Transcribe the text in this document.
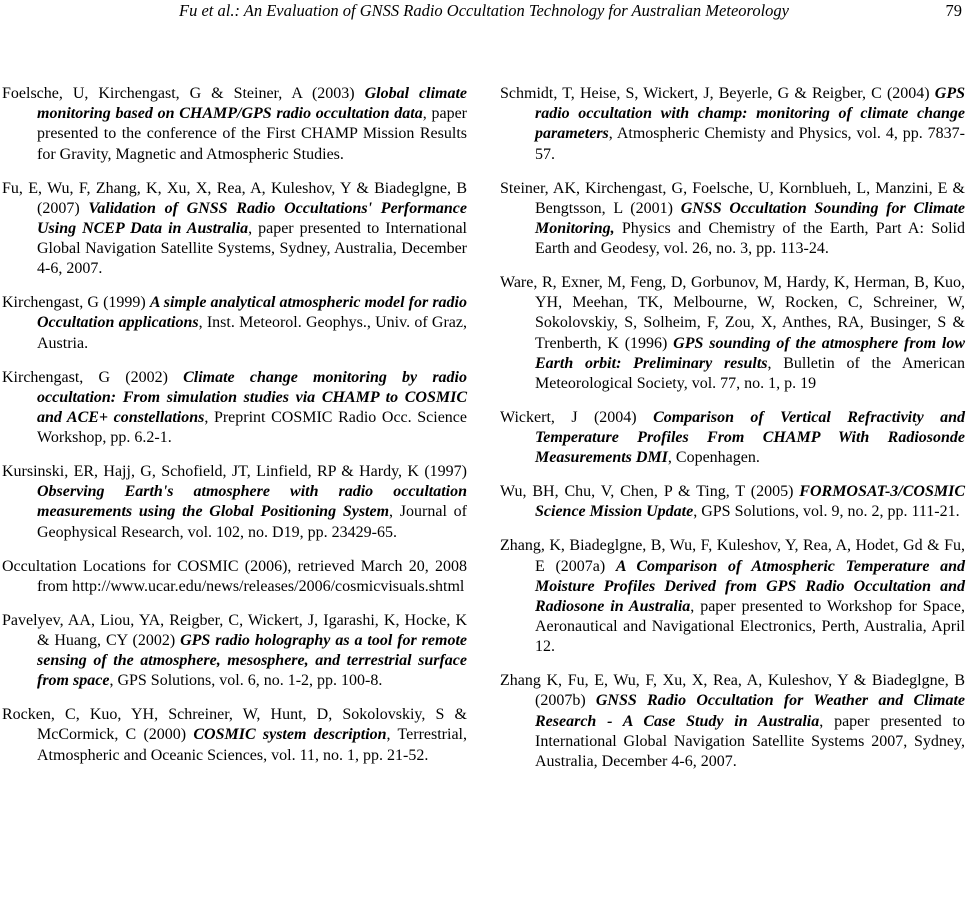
Fu et al.: An Evaluation of GNSS Radio Occultation Technology for Australian Meteorology	79

Foelsche, U, Kirchengast, G & Steiner, A (2003) Global climate monitoring based on CHAMP/GPS radio occultation data, paper presented to the conference of the First CHAMP Mission Results for Gravity, Magnetic and Atmospheric Studies.

Fu, E, Wu, F, Zhang, K, Xu, X, Rea, A, Kuleshov, Y & Biadeglgne, B (2007) Validation of GNSS Radio Occultations' Performance Using NCEP Data in Australia, paper presented to International Global Navigation Satellite Systems, Sydney, Australia, December 4-6, 2007.

Kirchengast, G (1999) A simple analytical atmospheric model for radio Occultation applications, Inst. Meteorol. Geophys., Univ. of Graz, Austria.

Kirchengast, G (2002) Climate change monitoring by radio occultation: From simulation studies via CHAMP to COSMIC and ACE+ constellations, Preprint COSMIC Radio Occ. Science Workshop, pp. 6.2-1.

Kursinski, ER, Hajj, G, Schofield, JT, Linfield, RP & Hardy, K (1997) Observing Earth's atmosphere with radio occultation measurements using the Global Positioning System, Journal of Geophysical Research, vol. 102, no. D19, pp. 23429-65.

Occultation Locations for COSMIC (2006), retrieved March 20, 2008 from http://www.ucar.edu/news/releases/2006/cosmicvisuals.shtml

Pavelyev, AA, Liou, YA, Reigber, C, Wickert, J, Igarashi, K, Hocke, K & Huang, CY (2002) GPS radio holography as a tool for remote sensing of the atmosphere, mesosphere, and terrestrial surface from space, GPS Solutions, vol. 6, no. 1-2, pp. 100-8.

Rocken, C, Kuo, YH, Schreiner, W, Hunt, D, Sokolovskiy, S & McCormick, C (2000) COSMIC system description, Terrestrial, Atmospheric and Oceanic Sciences, vol. 11, no. 1, pp. 21-52.

Schmidt, T, Heise, S, Wickert, J, Beyerle, G & Reigber, C (2004) GPS radio occultation with champ: monitoring of climate change parameters, Atmospheric Chemisty and Physics, vol. 4, pp. 7837-57.

Steiner, AK, Kirchengast, G, Foelsche, U, Kornblueh, L, Manzini, E & Bengtsson, L (2001) GNSS Occultation Sounding for Climate Monitoring, Physics and Chemistry of the Earth, Part A: Solid Earth and Geodesy, vol. 26, no. 3, pp. 113-24.

Ware, R, Exner, M, Feng, D, Gorbunov, M, Hardy, K, Herman, B, Kuo, YH, Meehan, TK, Melbourne, W, Rocken, C, Schreiner, W, Sokolovskiy, S, Solheim, F, Zou, X, Anthes, RA, Businger, S & Trenberth, K (1996) GPS sounding of the atmosphere from low Earth orbit: Preliminary results, Bulletin of the American Meteorological Society, vol. 77, no. 1, p. 19

Wickert, J (2004) Comparison of Vertical Refractivity and Temperature Profiles From CHAMP With Radiosonde Measurements DMI, Copenhagen.

Wu, BH, Chu, V, Chen, P & Ting, T (2005) FORMOSAT-3/COSMIC Science Mission Update, GPS Solutions, vol. 9, no. 2, pp. 111-21.

Zhang, K, Biadeglgne, B, Wu, F, Kuleshov, Y, Rea, A, Hodet, Gd & Fu, E (2007a) A Comparison of Atmospheric Temperature and Moisture Profiles Derived from GPS Radio Occultation and Radiosone in Australia, paper presented to Workshop for Space, Aeronautical and Navigational Electronics, Perth, Australia, April 12.

Zhang K, Fu, E, Wu, F, Xu, X, Rea, A, Kuleshov, Y & Biadeglgne, B (2007b) GNSS Radio Occultation for Weather and Climate Research - A Case Study in Australia, paper presented to International Global Navigation Satellite Systems 2007, Sydney, Australia, December 4-6, 2007.
